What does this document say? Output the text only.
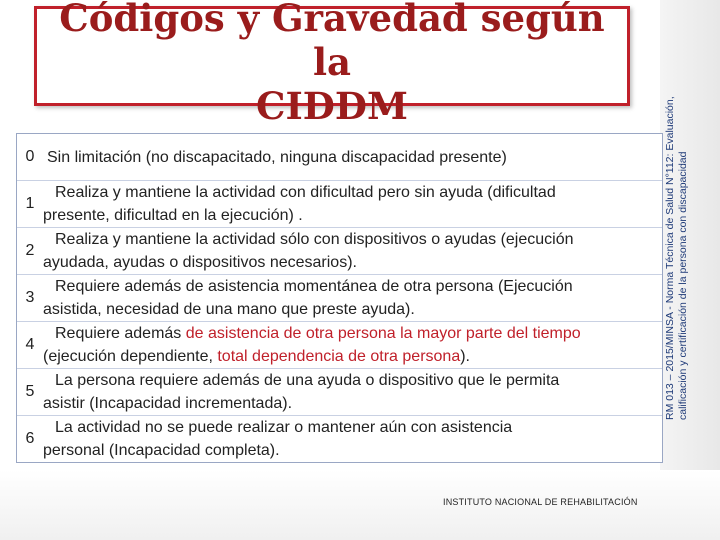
Códigos y Gravedad según la
CIDDM	RM 013 – 2015/MINSA - Norma Técnica de Salud N°112: Evaluación, calificación y certificación de la persona con discapacidad
0 Sin limitación (no discapacitado, ninguna discapacidad presente)
1
Realiza y mantiene la actividad con dificultad pero sin ayuda (dificultad
presente, dificultad en la ejecución) .
2
Realiza y mantiene la actividad sólo con dispositivos o ayudas (ejecución
ayudada, ayudas o dispositivos necesarios).
3
Requiere además de asistencia momentánea de otra persona (Ejecución
asistida, necesidad de una mano que preste ayuda).
4
Requiere además de asistencia de otra persona la mayor parte del tiempo
(ejecución dependiente, total dependencia de otra persona).
5
La persona requiere además de una ayuda o dispositivo que le permita
asistir (Incapacidad incrementada).
6
La actividad no se puede realizar o mantener aún con asistencia
personal (Incapacidad completa).
INSTITUTO NACIONAL DE REHABILITACIÓN
